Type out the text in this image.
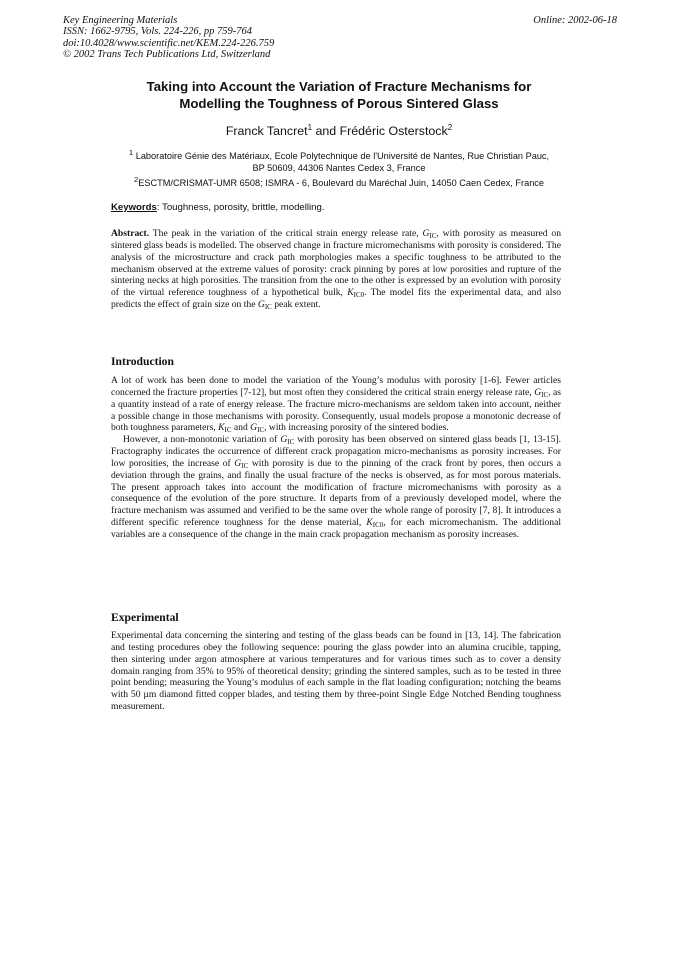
Key Engineering Materials
ISSN: 1662-9795, Vols. 224-226, pp 759-764
doi:10.4028/www.scientific.net/KEM.224-226.759
© 2002 Trans Tech Publications Ltd, Switzerland
Online: 2002-06-18
Taking into Account the Variation of Fracture Mechanisms for
Modelling the Toughness of Porous Sintered Glass
Franck Tancret$^1$ and Frédéric Osterstock$^2$
$^1$ Laboratoire Génie des Matériaux, Ecole Polytechnique de l'Université de Nantes, Rue Christian Pauc,
BP 50609, 44306 Nantes Cedex 3, France
$^2$ESCTM/CRISMAT-UMR 6508; ISMRA - 6, Boulevard du Maréchal Juin, 14050 Caen Cedex, France
Keywords: Toughness, porosity, brittle, modelling.
Abstract. The peak in the variation of the critical strain energy release rate, $G_{IC}$, with porosity as measured on sintered glass beads is modelled. The observed change in fracture micromechanisms with porosity is considered. The analysis of the microstructure and crack path morphologies makes a specific toughness to be attributed to the mechanism observed at the extreme values of porosity: crack pinning by pores at low porosities and rupture of the sintering necks at high porosities. The transition from the one to the other is expressed by an evolution with porosity of the virtual reference toughness of a hypothetical bulk, $K_{IC0}$. The model fits the experimental data, and also predicts the effect of grain size on the $G_{IC}$ peak extent.
Introduction

A lot of work has been done to model the variation of the Young’s modulus with porosity [1-6]. Fewer articles concerned the fracture properties [7-12], but most often they considered the critical strain energy release rate, $G_{IC}$, as a quantity instead of a rate of energy release. The fracture micro-mechanisms are seldom taken into account, neither a possible change in those mechanisms with porosity. Consequently, usual models propose a monotonic decrease of both toughness parameters, $K_{IC}$ and $G_{IC}$, with increasing porosity of the sintered bodies.

However, a non-monotonic variation of $G_{IC}$ with porosity has been observed on sintered glass beads [1, 13-15]. Fractography indicates the occurrence of different crack propagation micro-mechanisms as porosity increases. For low porosities, the increase of $G_{IC}$ with porosity is due to the pinning of the crack front by pores, then occurs a deviation through the grains, and finally the usual fracture of the necks is observed, as for most porous materials. The present approach takes into account the modification of fracture micromechanisms with porosity as a consequence of the evolution of the pore structure. It departs from of a previously developed model, where the fracture mechanism was assumed and verified to be the same over the whole range of porosity [7, 8]. It introduces a different specific reference toughness for the dense material, $K_{IC0}$, for each micromechanism. The additional variables are a consequence of the change in the main crack propagation mechanism as porosity increases.

Experimental
Experimental data concerning the sintering and testing of the glass beads can be found in [13, 14]. The fabrication and testing procedures obey the following sequence: pouring the glass powder into an alumina crucible, tapping, then sintering under argon atmosphere at various temperatures and for various times such as to cover a density domain ranging from 35% to 95% of theoretical density; grinding the sintered samples, such as to be tested in three point bending; measuring the Young’s modulus of each sample in the flat loading configuration; notching the beams with 50 µm diamond fitted copper blades, and testing them by three-point Single Edge Notched Bending toughness measurement.
